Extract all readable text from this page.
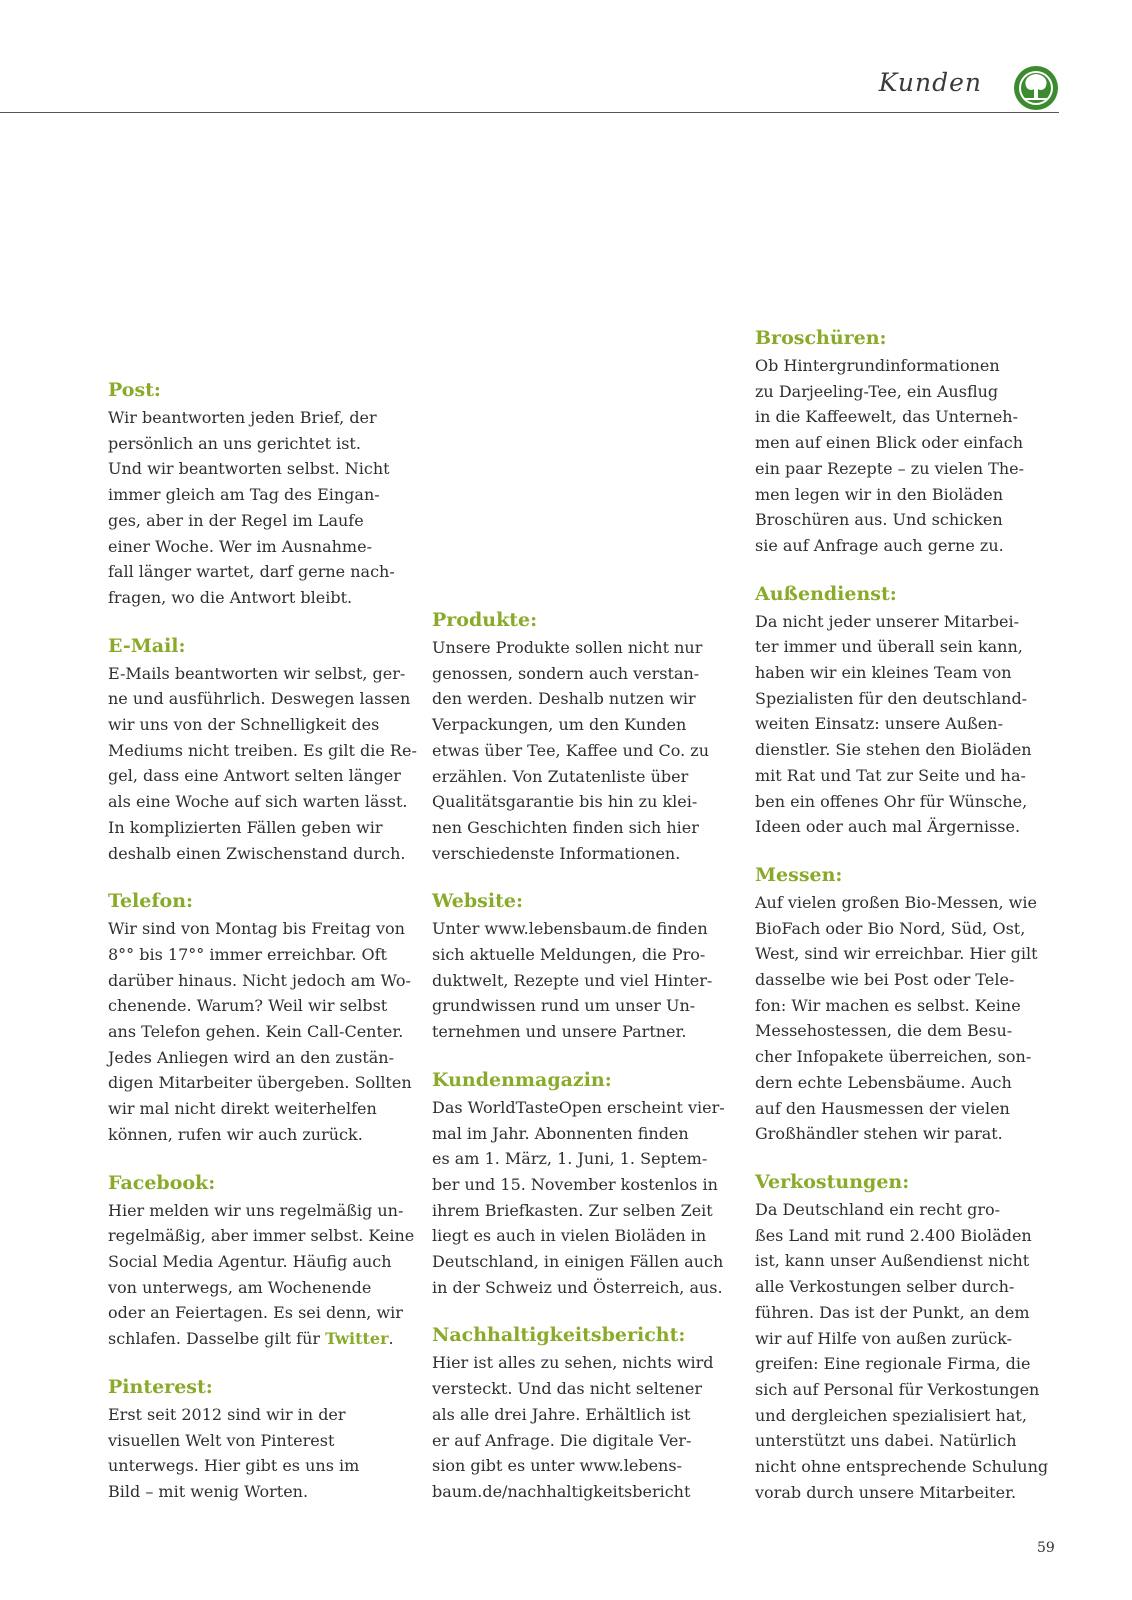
Kunden
Post:
Wir beantworten jeden Brief, der
persönlich an uns gerichtet ist.
Und wir beantworten selbst. Nicht
immer gleich am Tag des Eingan-
ges, aber in der Regel im Laufe
einer Woche. Wer im Ausnahme-
fall länger wartet, darf gerne nach-
fragen, wo die Antwort bleibt.
E-Mail:
E-Mails beantworten wir selbst, ger-
ne und ausführlich. Deswegen lassen
wir uns von der Schnelligkeit des
Mediums nicht treiben. Es gilt die Re-
gel, dass eine Antwort selten länger
als eine Woche auf sich warten lässt.
In komplizierten Fällen geben wir
deshalb einen Zwischenstand durch.
Telefon:
Wir sind von Montag bis Freitag von
8°° bis 17°° immer erreichbar. Oft
darüber hinaus. Nicht jedoch am Wo-
chenende. Warum? Weil wir selbst
ans Telefon gehen. Kein Call-Center.
Jedes Anliegen wird an den zustän-
digen Mitarbeiter übergeben. Sollten
wir mal nicht direkt weiterhelfen
können, rufen wir auch zurück.
Facebook:
Hier melden wir uns regelmäßig un-
regelmäßig, aber immer selbst. Keine
Social Media Agentur. Häufig auch
von unterwegs, am Wochenende
oder an Feiertagen. Es sei denn, wir
schlafen. Dasselbe gilt für Twitter.
Pinterest:
Erst seit 2012 sind wir in der
visuellen Welt von Pinterest
unterwegs. Hier gibt es uns im
Bild – mit wenig Worten.
Produkte:
Unsere Produkte sollen nicht nur
genossen, sondern auch verstan-
den werden. Deshalb nutzen wir
Verpackungen, um den Kunden
etwas über Tee, Kaffee und Co. zu
erzählen. Von Zutatenliste über
Qualitätsgarantie bis hin zu klei-
nen Geschichten finden sich hier
verschiedenste Informationen.
Website:
Unter www.lebensbaum.de finden
sich aktuelle Meldungen, die Pro-
duktwelt, Rezepte und viel Hinter-
grundwissen rund um unser Un-
ternehmen und unsere Partner.
Kundenmagazin:
Das WorldTasteOpen erscheint vier-
mal im Jahr. Abonnenten finden
es am 1. März, 1. Juni, 1. Septem-
ber und 15. November kostenlos in
ihrem Briefkasten. Zur selben Zeit
liegt es auch in vielen Bioläden in
Deutschland, in einigen Fällen auch
in der Schweiz und Österreich, aus.
Nachhaltigkeitsbericht:
Hier ist alles zu sehen, nichts wird
versteckt. Und das nicht seltener
als alle drei Jahre. Erhältlich ist
er auf Anfrage. Die digitale Ver-
sion gibt es unter www.lebens-
baum.de/nachhaltigkeitsbericht
Broschüren:
Ob Hintergrundinformationen
zu Darjeeling-Tee, ein Ausflug
in die Kaffeewelt, das Unterneh-
men auf einen Blick oder einfach
ein paar Rezepte – zu vielen The-
men legen wir in den Bioläden
Broschüren aus. Und schicken
sie auf Anfrage auch gerne zu.
Außendienst:
Da nicht jeder unserer Mitarbei-
ter immer und überall sein kann,
haben wir ein kleines Team von
Spezialisten für den deutschland-
weiten Einsatz: unsere Außen-
dienstler. Sie stehen den Bioläden
mit Rat und Tat zur Seite und ha-
ben ein offenes Ohr für Wünsche,
Ideen oder auch mal Ärgernisse.
Messen:
Auf vielen großen Bio-Messen, wie
BioFach oder Bio Nord, Süd, Ost,
West, sind wir erreichbar. Hier gilt
dasselbe wie bei Post oder Tele-
fon: Wir machen es selbst. Keine
Messehostessen, die dem Besu-
cher Infopakete überreichen, son-
dern echte Lebensbäume. Auch
auf den Hausmessen der vielen
Großhändler stehen wir parat.
Verkostungen:
Da Deutschland ein recht gro-
ßes Land mit rund 2.400 Bioläden
ist, kann unser Außendienst nicht
alle Verkostungen selber durch-
führen. Das ist der Punkt, an dem
wir auf Hilfe von außen zurück-
greifen: Eine regionale Firma, die
sich auf Personal für Verkostungen
und dergleichen spezialisiert hat,
unterstützt uns dabei. Natürlich
nicht ohne entsprechende Schulung
vorab durch unsere Mitarbeiter.
59
